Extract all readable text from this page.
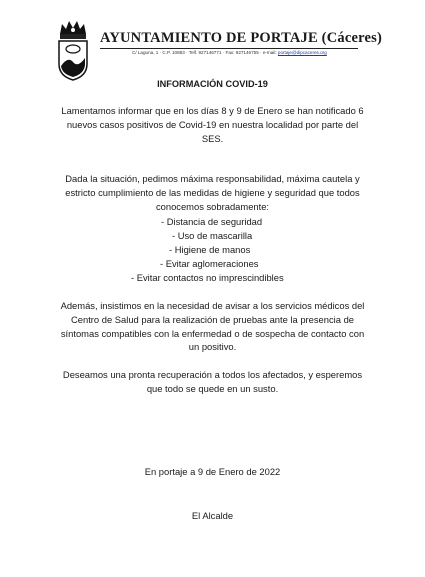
AYUNTAMIENTO DE PORTAJE (Cáceres)
C/ Laguna, 1 · C.P. 10883 · Telf. 927146771 · Fax: 927146755 · e-mail: portaje@dipcaceres.org
INFORMACIÓN COVID-19
Lamentamos informar que en los días 8 y 9 de Enero se han notificado 6 nuevos casos positivos de Covid-19 en nuestra localidad por parte del SES.
Dada la situación, pedimos máxima responsabilidad, máxima cautela y estricto cumplimiento de las medidas de higiene y seguridad que todos conocemos sobradamente:
- Distancia de seguridad
- Uso de mascarilla
- Higiene de manos
- Evitar aglomeraciones
- Evitar contactos no imprescindibles
Además, insistimos en la necesidad de avisar a los servicios médicos del Centro de Salud para la realización de pruebas ante la presencia de síntomas compatibles con la enfermedad o de sospecha de contacto con un positivo.
Deseamos una pronta recuperación a todos los afectados, y esperemos que todo se quede en un susto.
En portaje a 9 de Enero de 2022
El Alcalde
